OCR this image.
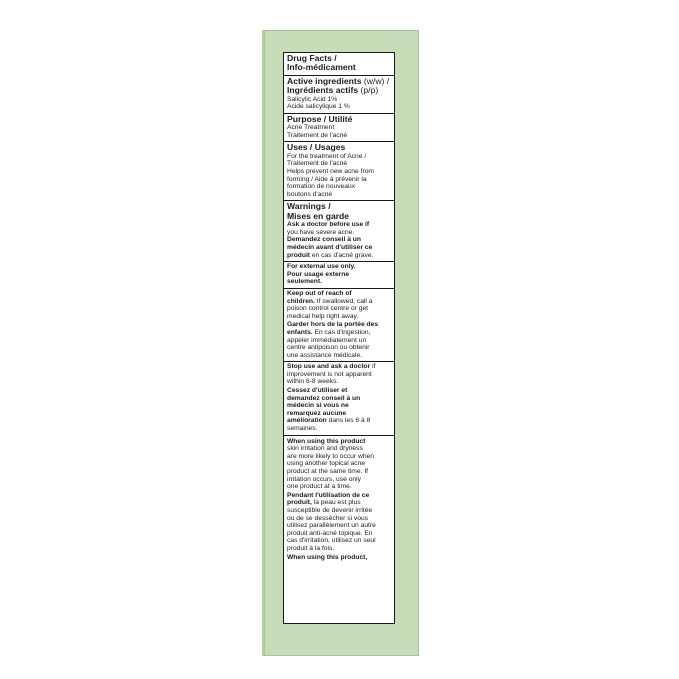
Drug Facts /
Info-médicament
Active ingredients (w/w) /
Ingrédients actifs (p/p)
Salicylic Acid 1%
Acide salicylique 1 %
Purpose / Utilité
Acne Treatment
Traitement de l'acné
Uses / Usages
For the treatment of Acne /
Traitement de l'acné
Helps prevent new acne from
forming / Aide à prévenir la
formation de nouveaux
boutons d'acné
Warnings /
Mises en garde
Ask a doctor before use if
you have severe acne.
Demandez conseil à un
médecin avant d'utiliser ce
produit en cas d'acné grave.
For external use only.
Pour usage externe
seulement.
Keep out of reach of
children. If swallowed, call a
poison control centre or get
medical help right away.
Garder hors de la portée des
enfants. En cas d'ingestion,
appeler immédiatement un
centre antipoison ou obtenir
une assistance médicale.
Stop use and ask a doctor if
improvement is not apparent
within 6-8 weeks.
Cessez d'utiliser et
demandez conseil à un
médecin si vous ne
remarquez aucune
amélioration dans les 6 à 8
semaines.
When using this product
skin irritation and dryness
are more likely to occur when
using another topical acne
product at the same time. If
irritation occurs, use only
one product at a time.
Pendant l'utilisation de ce
produit, la peau est plus
susceptible de devenir irritée
ou de se dessécher si vous
utilisez parallèlement un autre
produit anti-acné topique. En
cas d'irritation, utilisez un seul
produit à la fois.
When using this product,
